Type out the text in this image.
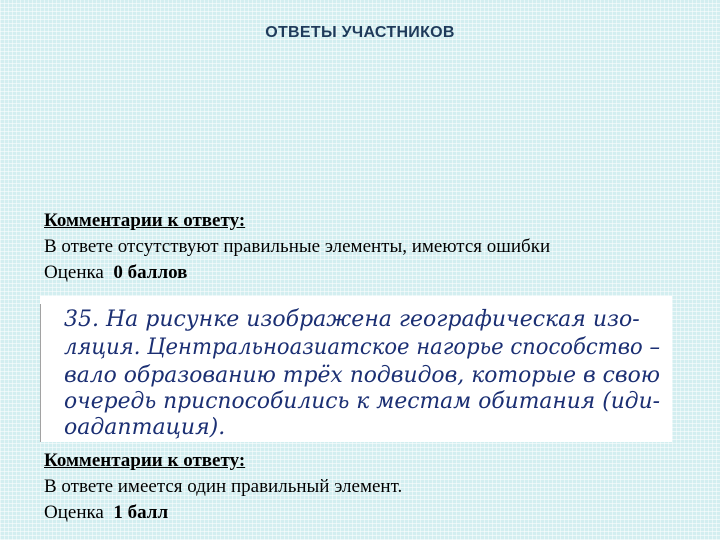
ОТВЕТЫ УЧАСТНИКОВ
Комментарии к ответу:
В ответе отсутствуют правильные элементы, имеются ошибки
Оценка 0 баллов
35. На рисунке изображена географическая изо-
ляция. Центральноазиатское нагорье способство –
вало образованию трёх подвидов, которые в свою
очередь приспособились к местам обитания (иди-
оадаптация).
Комментарии к ответу:
В ответе имеется один правильный элемент.
Оценка 1 балл
